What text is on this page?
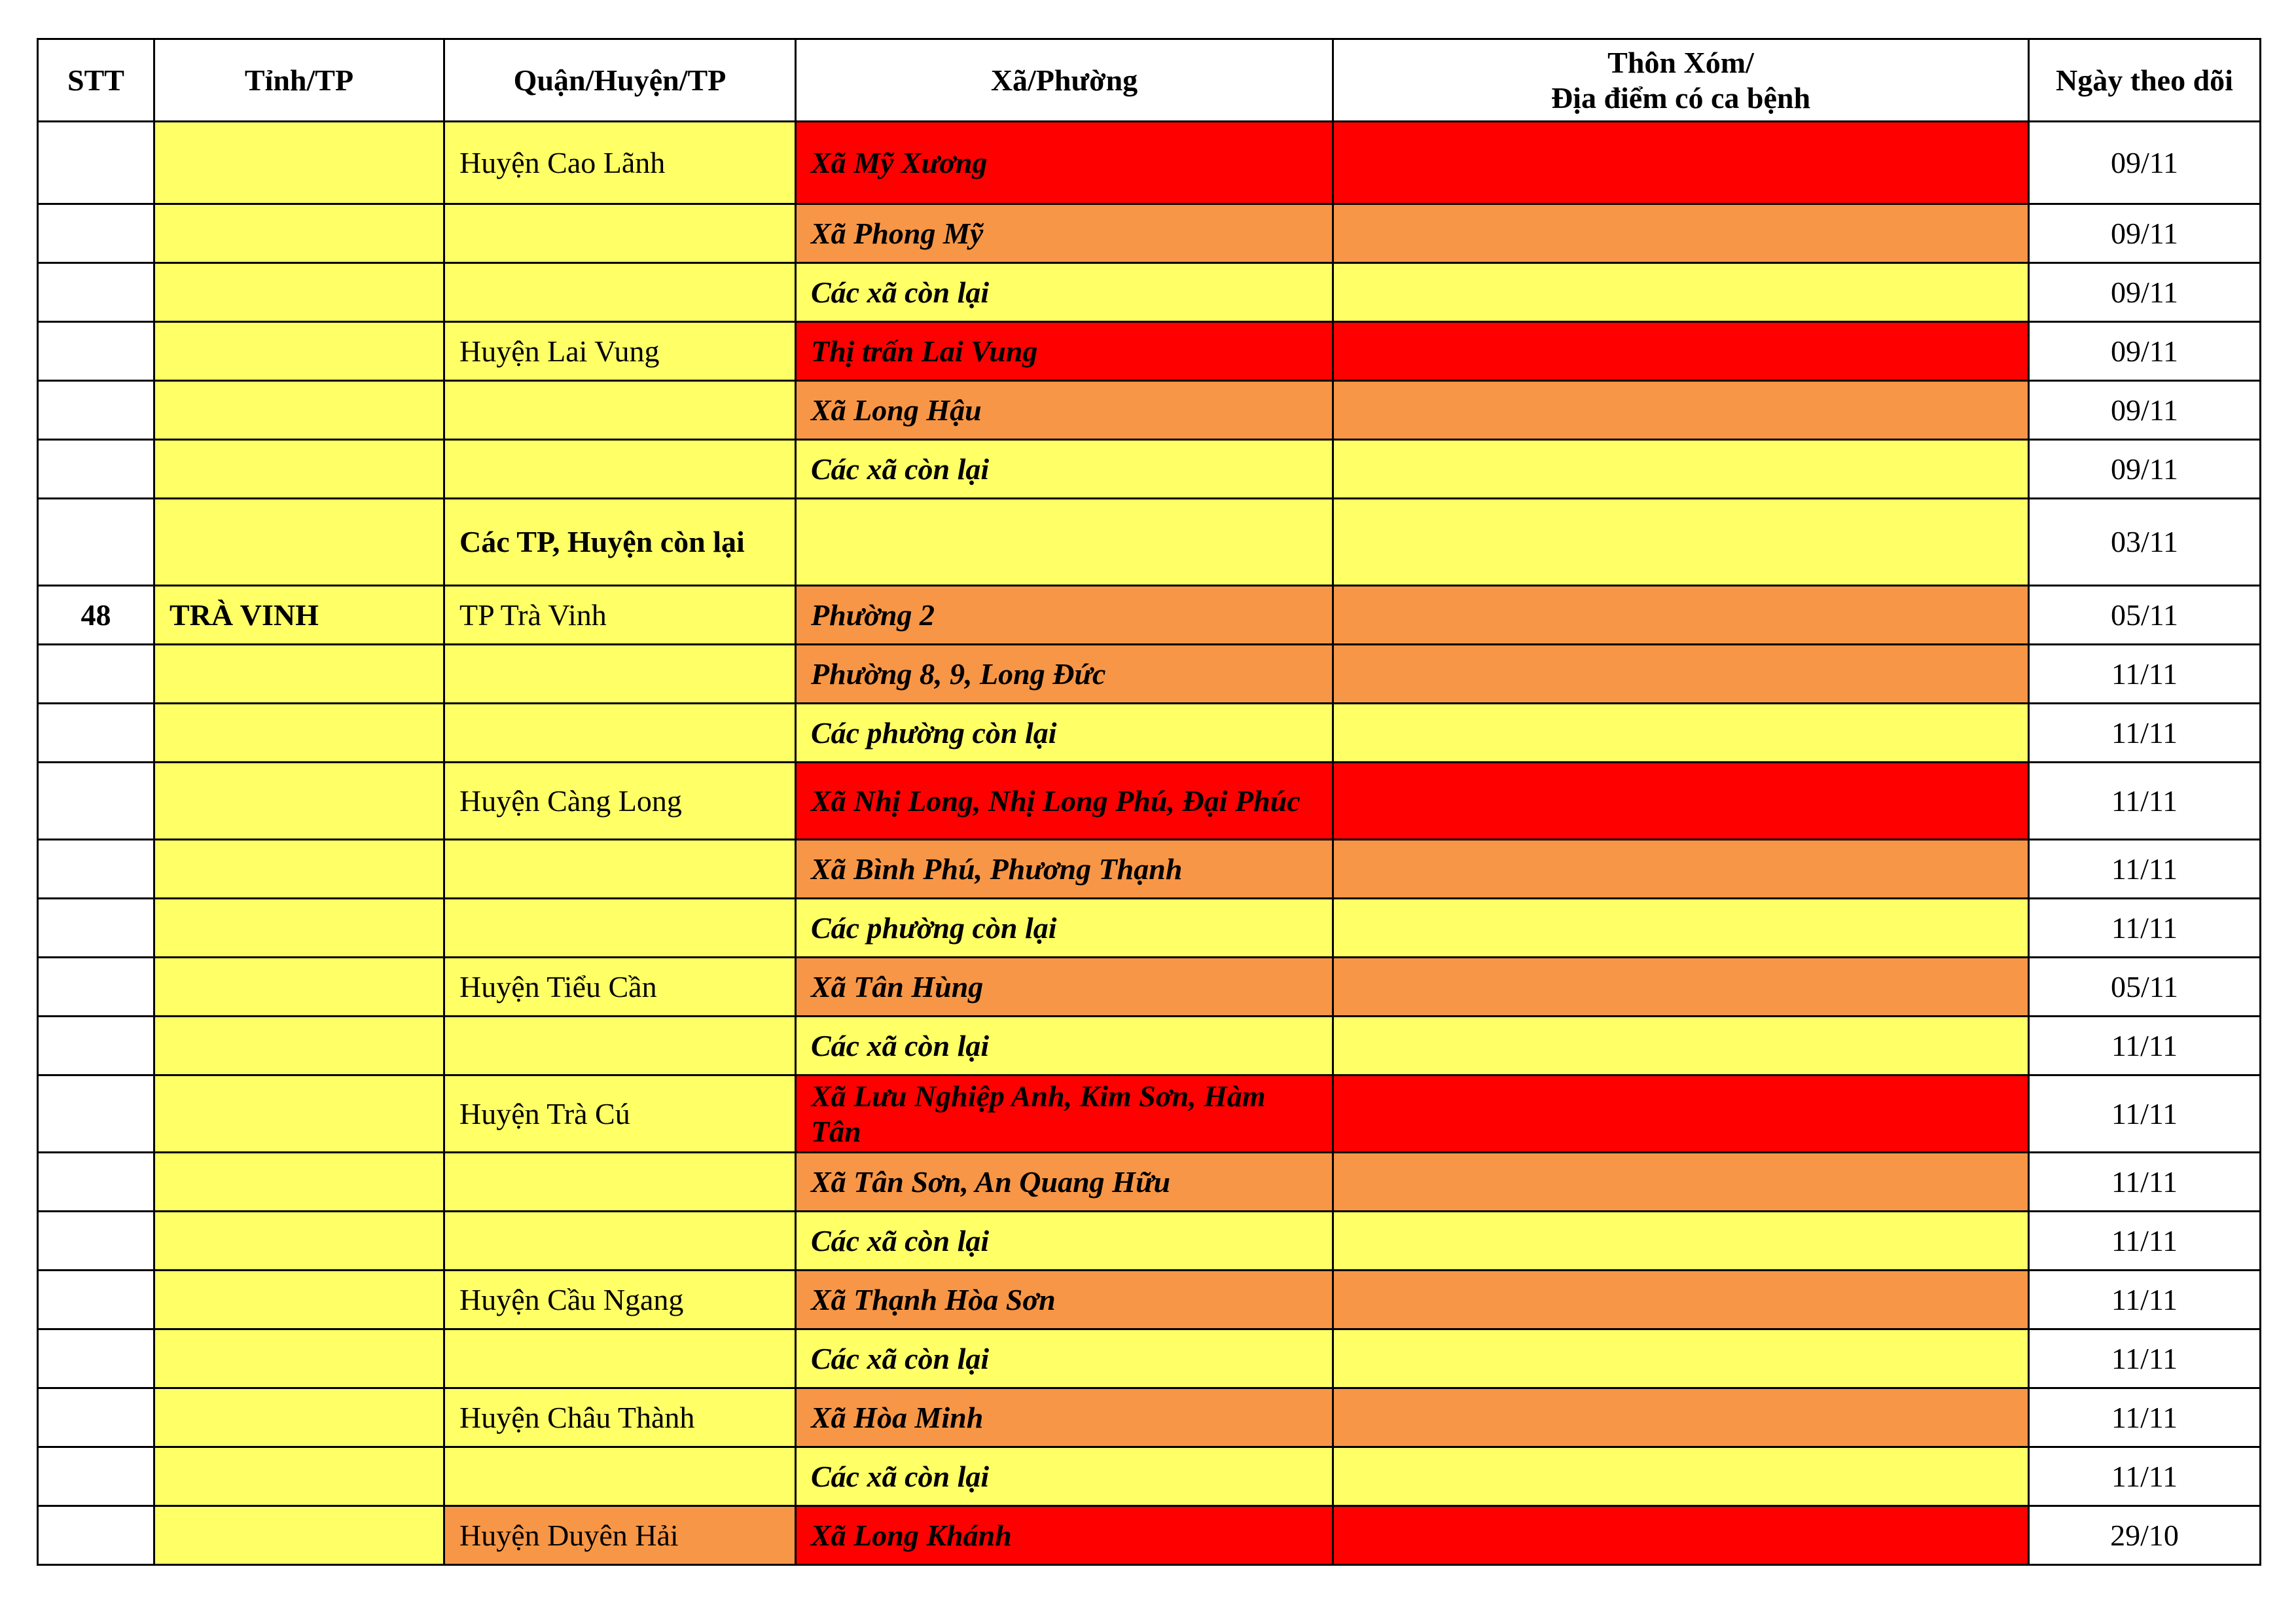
STT	Tỉnh/TP	Quận/Huyện/TP	Xã/Phường	Thôn Xóm/
Địa điểm có ca bệnh	Ngày theo dõi
		Huyện Cao Lãnh	Xã Mỹ Xương		09/11
			Xã Phong Mỹ		09/11
			Các xã còn lại		09/11
		Huyện Lai Vung	Thị trấn Lai Vung		09/11
			Xã Long Hậu		09/11
			Các xã còn lại		09/11
		Các TP, Huyện còn lại			03/11
48	TRÀ VINH	TP Trà Vinh	Phường 2		05/11
			Phường 8, 9, Long Đức		11/11
			Các phường còn lại		11/11
		Huyện Càng Long	Xã Nhị Long, Nhị Long Phú, Đại Phúc		11/11
			Xã Bình Phú, Phương Thạnh		11/11
			Các phường còn lại		11/11
		Huyện Tiểu Cần	Xã Tân Hùng		05/11
			Các xã còn lại		11/11
		Huyện Trà Cú	Xã Lưu Nghiệp Anh, Kim Sơn, Hàm Tân		11/11
			Xã Tân Sơn, An Quang Hữu		11/11
			Các xã còn lại		11/11
		Huyện Cầu Ngang	Xã Thạnh Hòa Sơn		11/11
			Các xã còn lại		11/11
		Huyện Châu Thành	Xã Hòa Minh		11/11
			Các xã còn lại		11/11
		Huyện Duyên Hải	Xã Long Khánh		29/10
